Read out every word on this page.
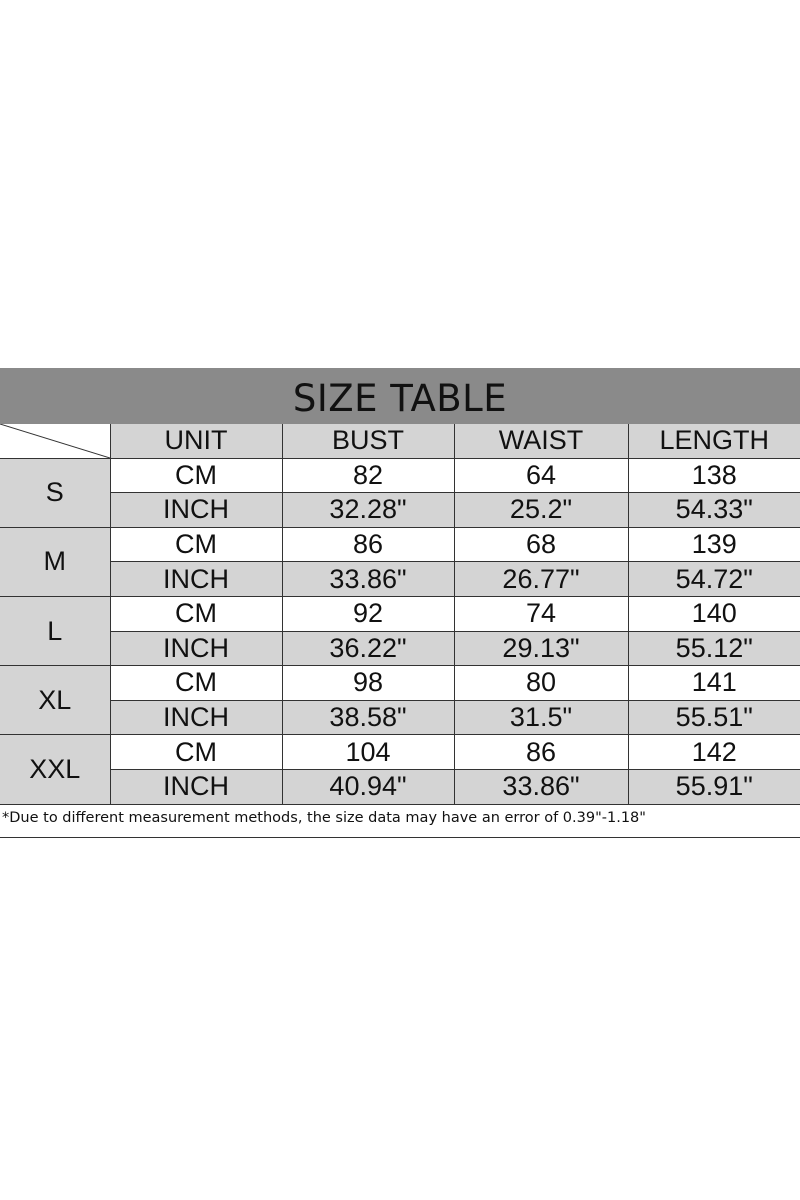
SIZE TABLE
	UNIT	BUST	WAIST	LENGTH
S	CM	82	64	138
	INCH	32.28"	25.2"	54.33"
M	CM	86	68	139
	INCH	33.86"	26.77"	54.72"
L	CM	92	74	140
	INCH	36.22"	29.13"	55.12"
XL	CM	98	80	141
	INCH	38.58"	31.5"	55.51"
XXL	CM	104	86	142
	INCH	40.94"	33.86"	55.91"
*Due to different measurement methods, the size data may have an error of 0.39"-1.18"
